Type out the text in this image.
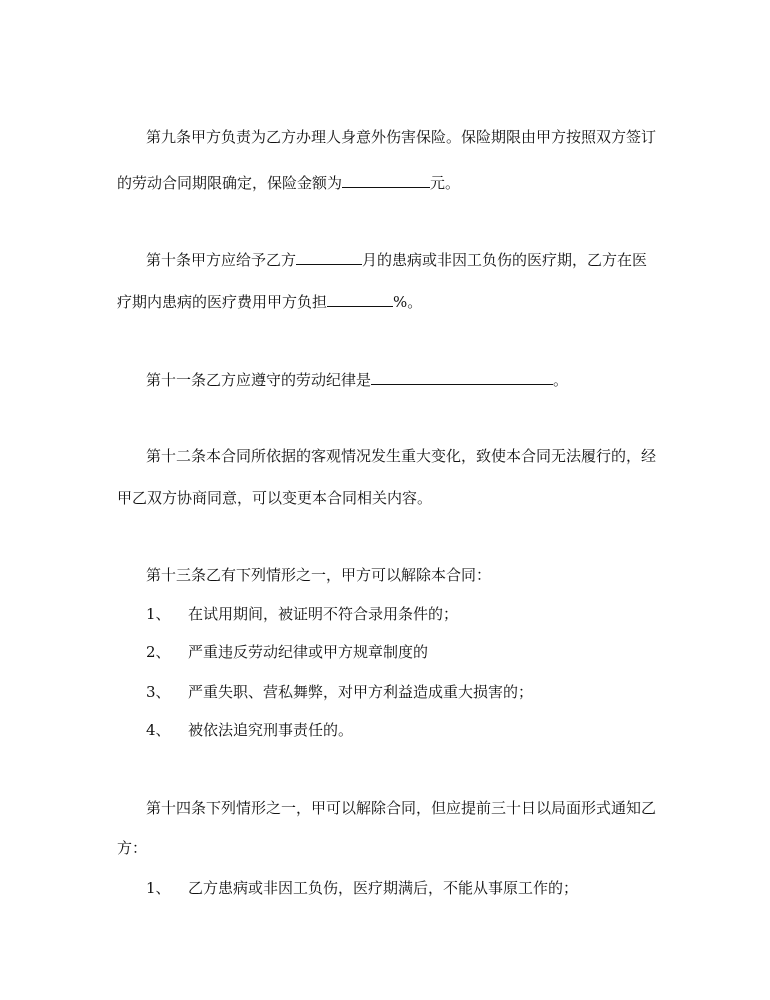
第九条甲方负责为乙方办理人身意外伤害保险。保险期限由甲方按照双方签订
的劳动合同期限确定，保险金额为	元。
第十条甲方应给予乙方	月的患病或非因工负伤的医疗期，乙方在医
疗期内患病的医疗费用甲方负担	%。
第十一条乙方应遵守的劳动纪律是	。
第十二条本合同所依据的客观情况发生重大变化，致使本合同无法履行的，经
甲乙双方协商同意，可以变更本合同相关内容。
第十三条乙有下列情形之一，甲方可以解除本合同：
1、 在试用期间，被证明不符合录用条件的；
2、 严重违反劳动纪律或甲方规章制度的
3、 严重失职、营私舞弊，对甲方利益造成重大损害的；
4、 被依法追究刑事责任的。
第十四条下列情形之一，甲可以解除合同，但应提前三十日以局面形式通知乙
方：
1、 乙方患病或非因工负伤，医疗期满后，不能从事原工作的；
